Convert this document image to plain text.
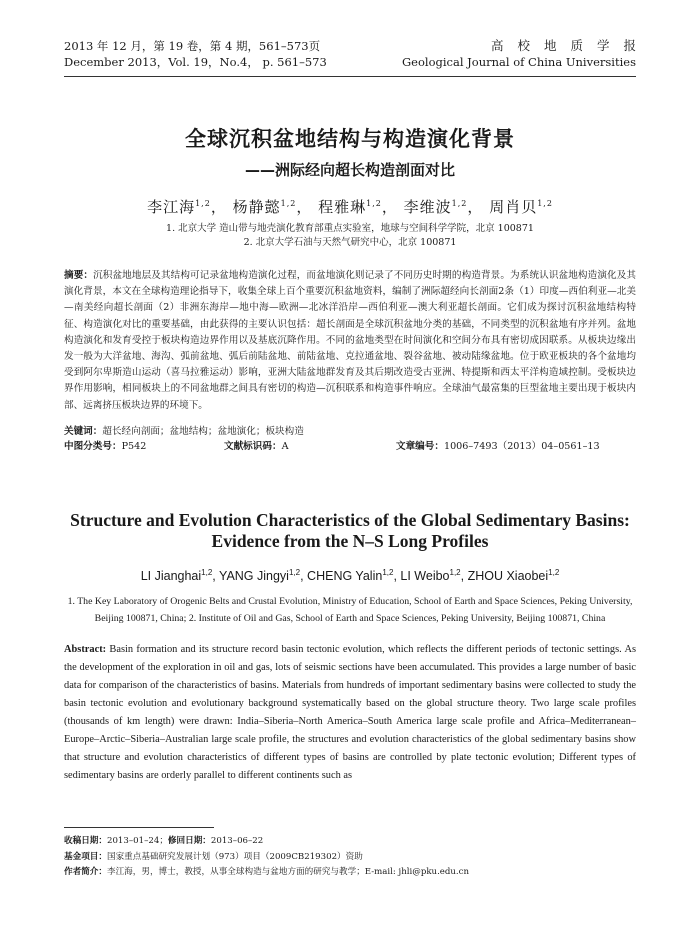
2013 年 12 月，第 19 卷，第 4 期，561–573页
December 2013，Vol. 19，No.4， p. 561–573
高校地质学报
Geological Journal of China Universities
全球沉积盆地结构与构造演化背景
——洲际经向超长构造剖面对比
李江海$^{1,2}$， 杨静懿$^{1,2}$， 程雅琳$^{1,2}$， 李维波$^{1,2}$， 周肖贝$^{1,2}$
1. 北京大学 造山带与地壳演化教育部重点实验室，地球与空间科学学院，北京 100871
2. 北京大学石油与天然气研究中心，北京 100871
摘要：沉积盆地地层及其结构可记录盆地构造演化过程，而盆地演化则记录了不同历史时期的构造背景。为系统认识盆地构造演化及其演化背景，本文在全球构造理论指导下，收集全球上百个重要沉积盆地资料，编制了洲际超经向长剖面2条（1）印度—西伯利亚—北美—南美经向超长剖面（2）非洲东海岸—地中海—欧洲—北冰洋沿岸—西伯利亚—澳大利亚超长剖面。它们成为探讨沉积盆地结构特征、构造演化对比的重要基础，由此获得的主要认识包括：超长剖面是全球沉积盆地分类的基础，不同类型的沉积盆地有序并列。盆地构造演化和发育受控于板块构造边界作用以及基底沉降作用。不同的盆地类型在时间演化和空间分布具有密切成因联系。从板块边缘出发一般为大洋盆地、海沟、弧前盆地、弧后前陆盆地、前陆盆地、克拉通盆地、裂谷盆地、被动陆缘盆地。位于欧亚板块的各个盆地均受到阿尔卑斯造山运动（喜马拉雅运动）影响，亚洲大陆盆地群发育及其后期改造受古亚洲、特提斯和西太平洋构造域控制。受板块边界作用影响，相同板块上的不同盆地群之间具有密切的构造—沉积联系和构造事件响应。全球油气最富集的巨型盆地主要出现于板块内部、远离挤压板块边界的环境下。
关键词：超长经向剖面；盆地结构；盆地演化；板块构造
中图分类号：P542	文献标识码：A	文章编号：1006–7493（2013）04–0561–13
Structure and Evolution Characteristics of the Global Sedimentary Basins: Evidence from the N–S Long Profiles
LI Jianghai$^{1,2}$, YANG Jingyi$^{1,2}$, CHENG Yalin$^{1,2}$, LI Weibo$^{1,2}$, ZHOU Xiaobei$^{1,2}$
1. The Key Laboratory of Orogenic Belts and Crustal Evolution, Ministry of Education, School of Earth and Space Sciences, Peking University, Beijing 100871, China; 2. Institute of Oil and Gas, School of Earth and Space Sciences, Peking University, Beijing 100871, China
Abstract: Basin formation and its structure record basin tectonic evolution, which reflects the different periods of tectonic settings. As the development of the exploration in oil and gas, lots of seismic sections have been accumulated. This provides a large number of basic data for comparison of the characteristics of basins. Materials from hundreds of important sedimentary basins were collected to study the basin tectonic evolution and evolutionary background systematically based on the global structure theory. Two large scale profiles (thousands of km length) were drawn: India–Siberia–North America–South America large scale profile and Africa–Mediterranean–Europe–Arctic–Siberia–Australian large scale profile, the structures and evolution characteristics of the global sedimentary basins show that structure and evolution characteristics of different types of basins are controlled by plate tectonic evolution; Different types of sedimentary basins are orderly parallel to different continents such as
收稿日期：2013–01–24；修回日期：2013–06–22
基金项目：国家重点基础研究发展计划（973）项目（2009CB219302）资助
作者简介：李江海，男，博士，教授，从事全球构造与盆地方面的研究与教学；E-mail: jhli@pku.edu.cn
